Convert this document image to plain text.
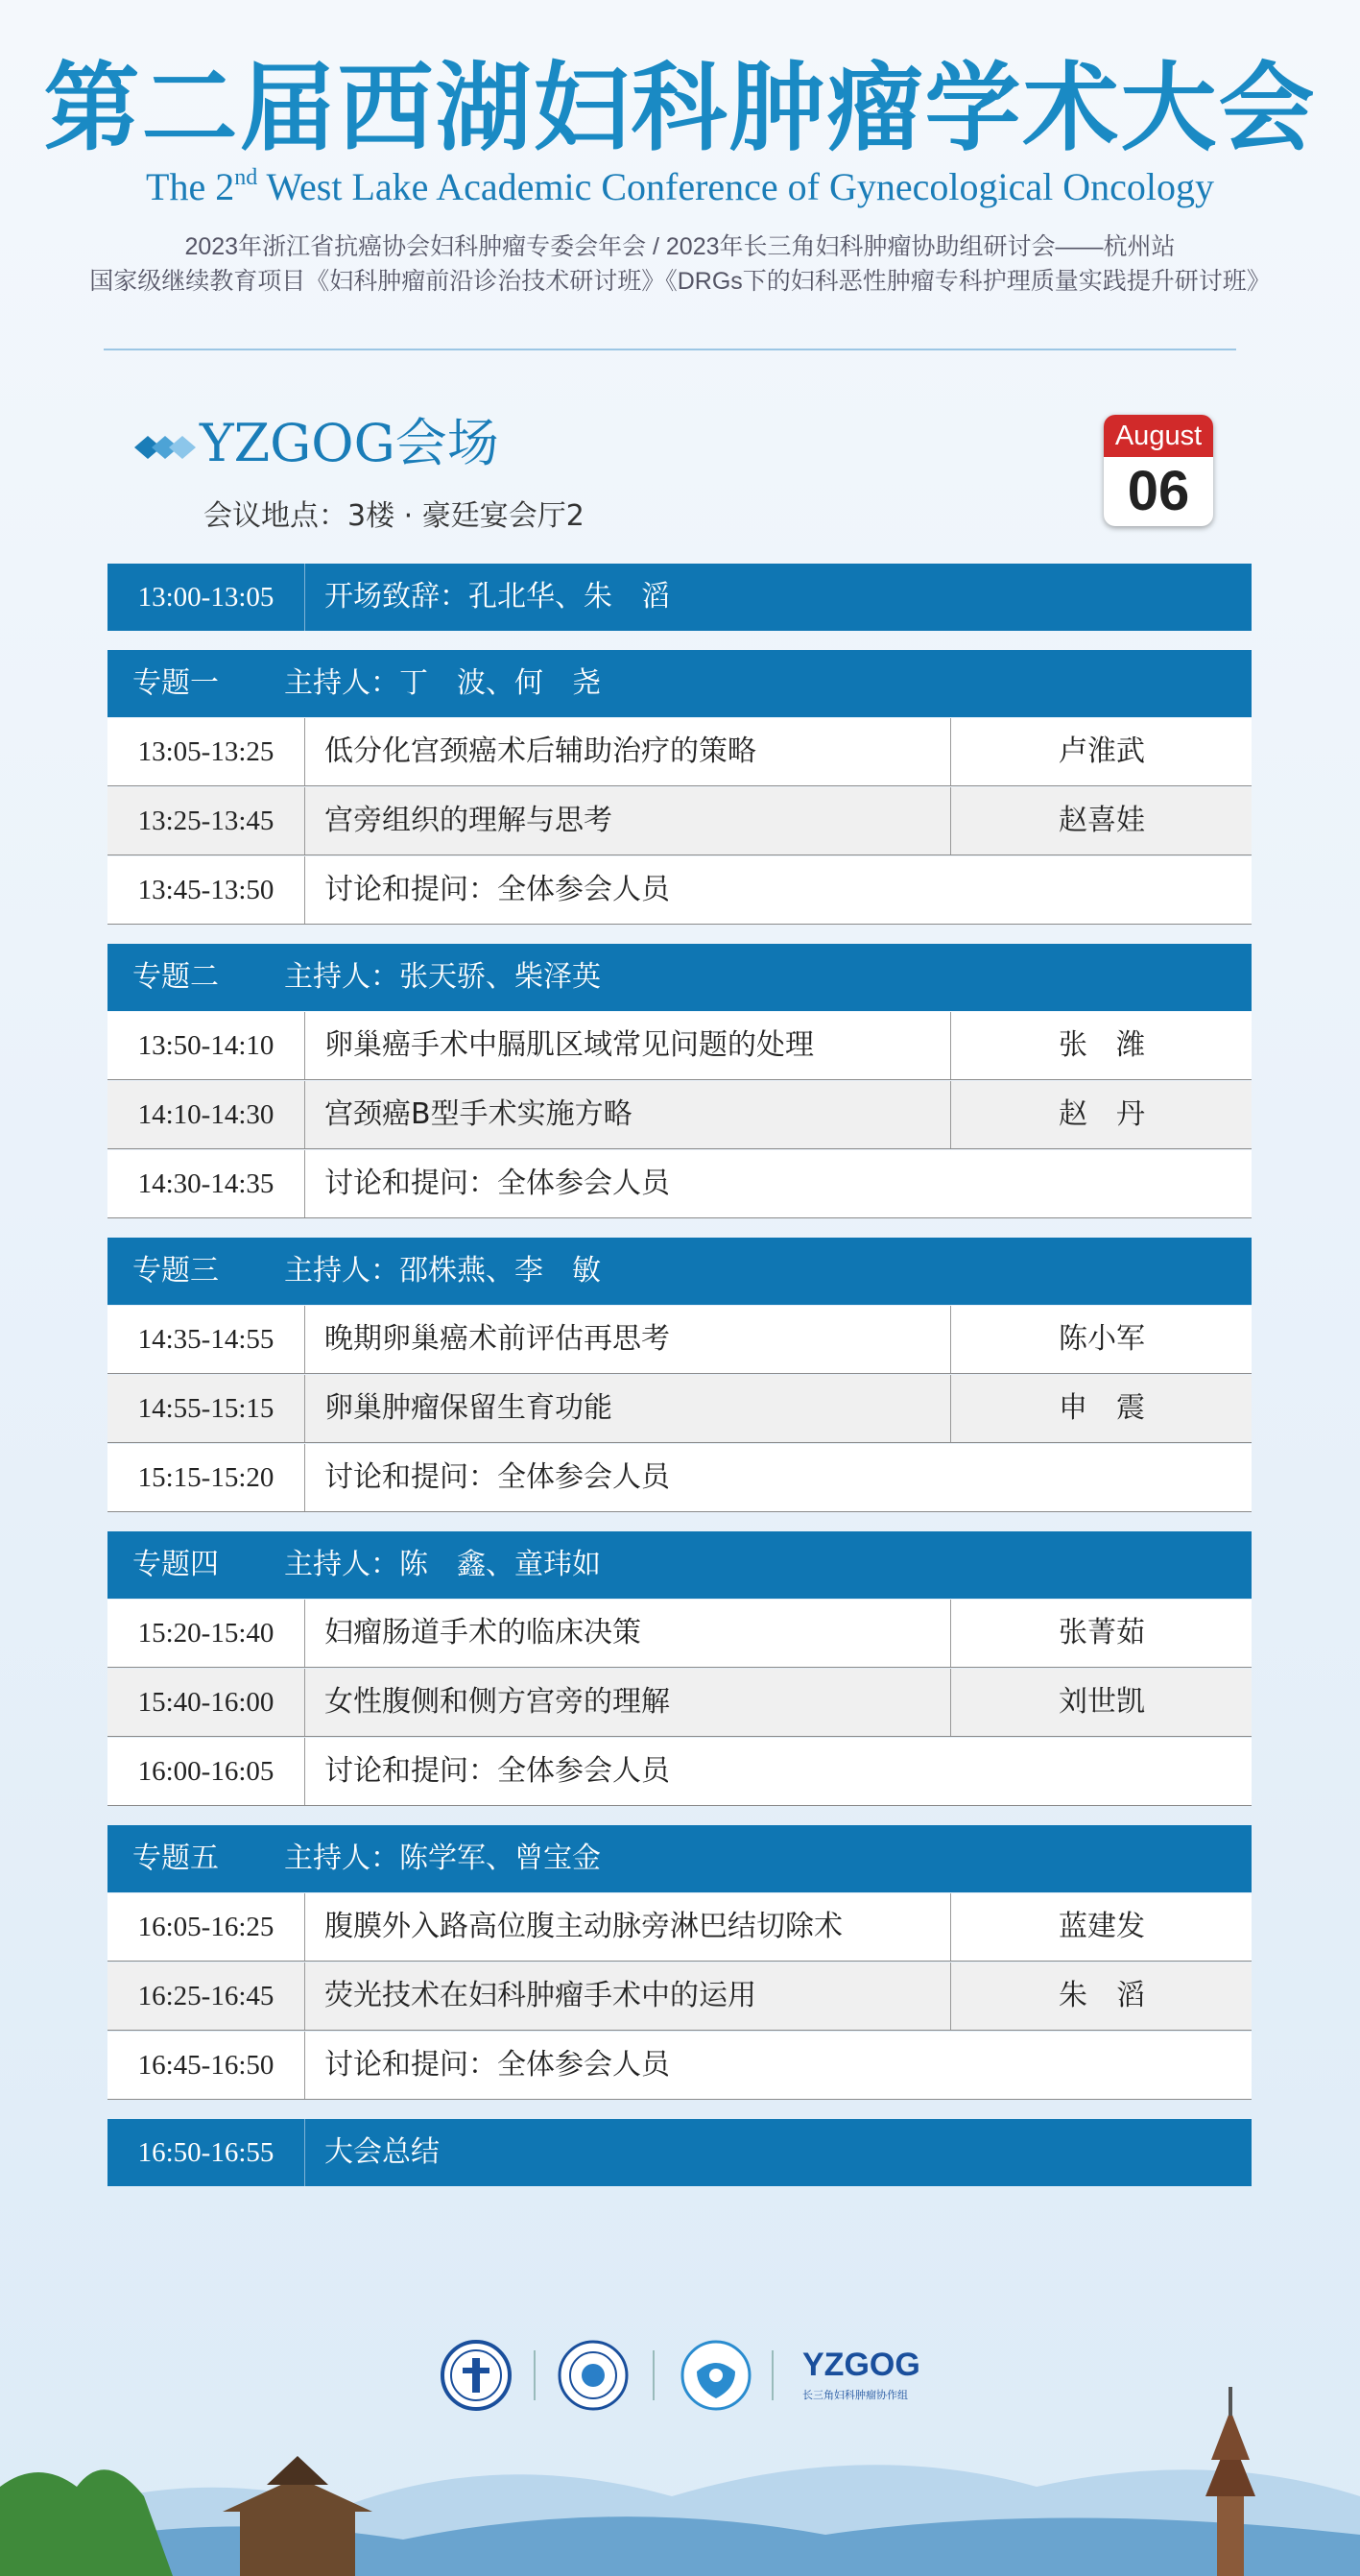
第二届西湖妇科肿瘤学术大会
The 2nd West Lake Academic Conference of Gynecological Oncology
2023年浙江省抗癌协会妇科肿瘤专委会年会 / 2023年长三角妇科肿瘤协助组研讨会——杭州站
国家级继续教育项目《妇科肿瘤前沿诊治技术研讨班》《DRGs下的妇科恶性肿瘤专科护理质量实践提升研讨班》
YZGOG会场
会议地点：3楼 · 豪廷宴会厅2
August
06
13:00-13:05	开场致辞：孔北华、朱　滔
专题一 主持人：丁　波、何　尧
13:05-13:25	低分化宫颈癌术后辅助治疗的策略	卢淮武
13:25-13:45	宫旁组织的理解与思考	赵喜娃
13:45-13:50	讨论和提问：全体参会人员
专题二 主持人：张天骄、柴泽英
13:50-14:10	卵巢癌手术中膈肌区域常见问题的处理	张　潍
14:10-14:30	宫颈癌B型手术实施方略	赵　丹
14:30-14:35	讨论和提问：全体参会人员
专题三 主持人：邵株燕、李　敏
14:35-14:55	晚期卵巢癌术前评估再思考	陈小军
14:55-15:15	卵巢肿瘤保留生育功能	申　震
15:15-15:20	讨论和提问：全体参会人员
专题四 主持人：陈　鑫、童玮如
15:20-15:40	妇瘤肠道手术的临床决策	张菁茹
15:40-16:00	女性腹侧和侧方宫旁的理解	刘世凯
16:00-16:05	讨论和提问：全体参会人员
专题五 主持人：陈学军、曾宝金
16:05-16:25	腹膜外入路高位腹主动脉旁淋巴结切除术	蓝建发
16:25-16:45	荧光技术在妇科肿瘤手术中的运用	朱　滔
16:45-16:50	讨论和提问：全体参会人员
16:50-16:55	大会总结
YZGOG
长三角妇科肿瘤协作组
